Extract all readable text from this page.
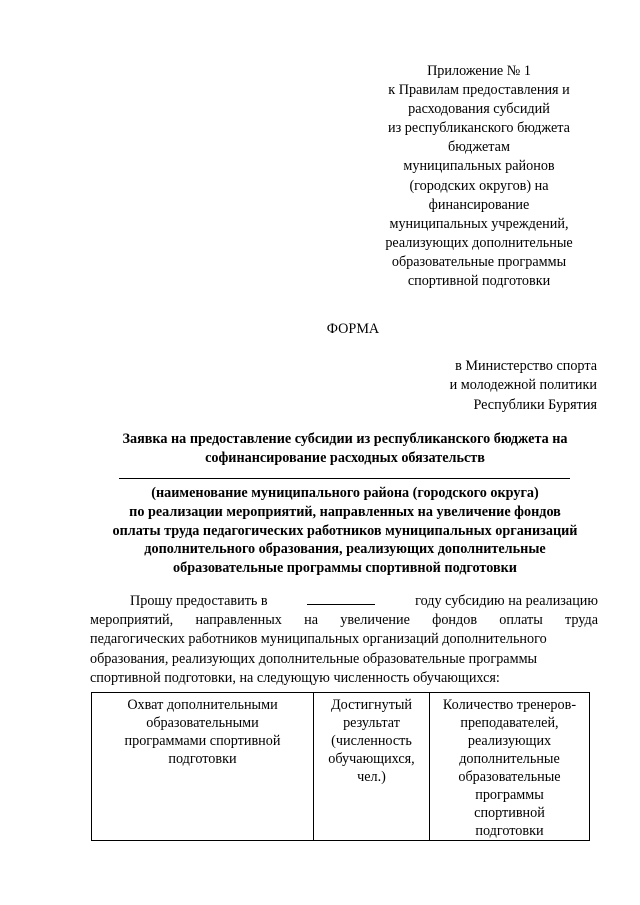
Приложение № 1
к Правилам предоставления и
расходования субсидий
из республиканского бюджета
бюджетам
муниципальных районов
(городских округов) на
финансирование
муниципальных учреждений,
реализующих дополнительные
образовательные программы
спортивной подготовки
ФОРМА
в Министерство спорта
и молодежной политики
Республики Бурятия
Заявка на предоставление субсидии из республиканского бюджета на
софинансирование расходных обязательств
(наименование муниципального района (городского округа)
по реализации мероприятий, направленных на увеличение фондов
оплаты труда педагогических работников муниципальных организаций
дополнительного образования, реализующих дополнительные
образовательные программы спортивной подготовки
Прошу предоставить в	году субсидию на реализацию
мероприятий, направленных на увеличение фондов оплаты труда
педагогических работников муниципальных организаций дополнительного
образования, реализующих дополнительные образовательные программы
спортивной подготовки, на следующую численность обучающихся:
Охват дополнительными
образовательными
программами спортивной
подготовки

Достигнутый
результат
(численность
обучающихся,
чел.)

Количество тренеров-
преподавателей,
реализующих
дополнительные
образовательные
программы
спортивной
подготовки
